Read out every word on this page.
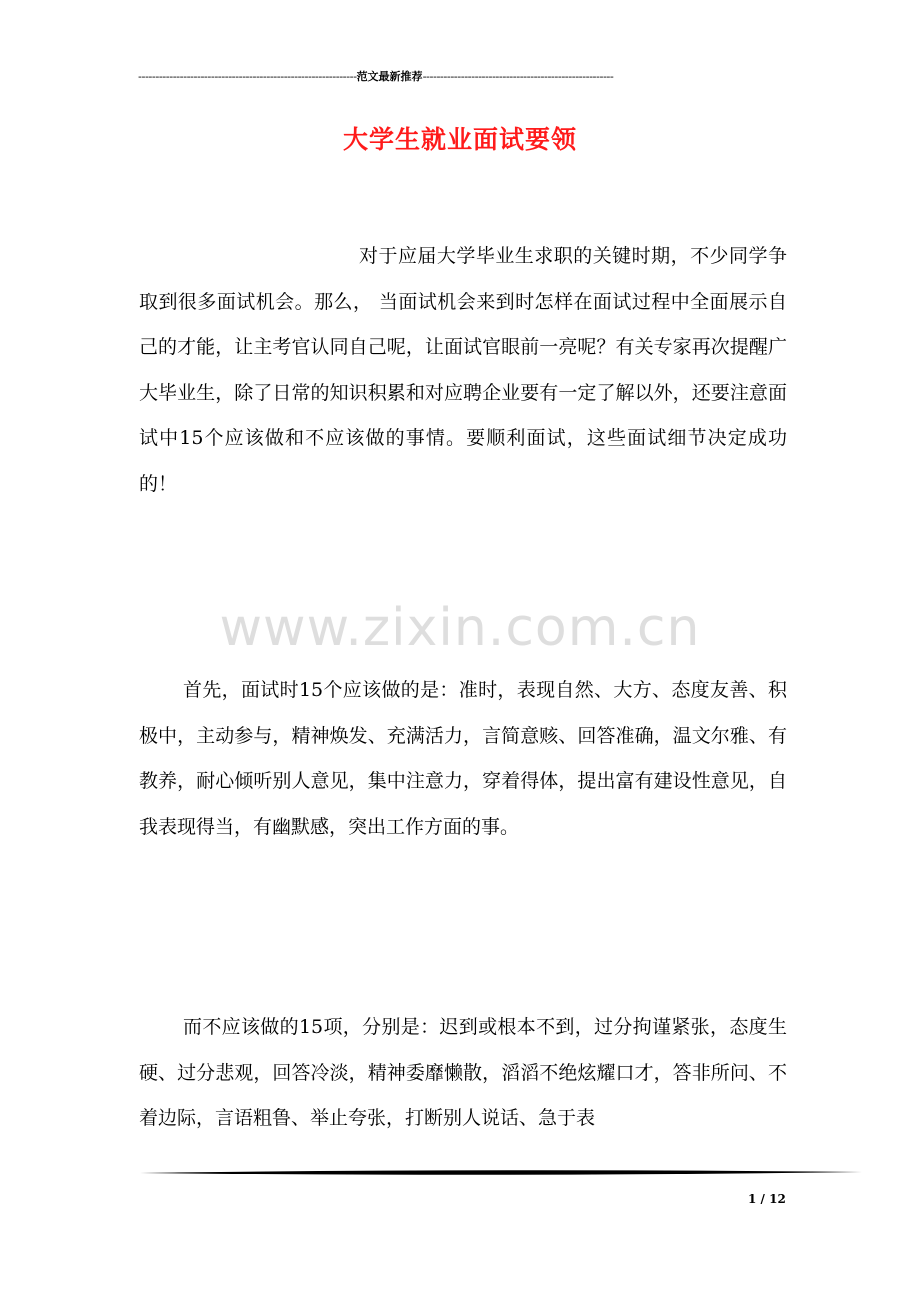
---------------------------------------------------------------范文最新推荐-------------------------------------------------------
大学生就业面试要领
www.zixin.com.cn
对于应届大学毕业生求职的关键时期，不少同学争取到很多面试机会。那么， 当面试机会来到时怎样在面试过程中全面展示自己的才能，让主考官认同自己呢，让面试官眼前一亮呢？有关专家再次提醒广大毕业生，除了日常的知识积累和对应聘企业要有一定了解以外，还要注意面试中15个应该做和不应该做的事情。要顺利面试，这些面试细节决定成功的！
首先，面试时15个应该做的是：准时，表现自然、大方、态度友善、积极中，主动参与，精神焕发、充满活力，言简意赅、回答准确，温文尔雅、有教养，耐心倾听别人意见，集中注意力，穿着得体，提出富有建设性意见，自我表现得当，有幽默感，突出工作方面的事。
而不应该做的15项，分别是：迟到或根本不到，过分拘谨紧张，态度生硬、过分悲观，回答冷淡，精神委靡懒散，滔滔不绝炫耀口才，答非所问、不着边际，言语粗鲁、举止夸张，打断别人说话、急于表
1 / 12
